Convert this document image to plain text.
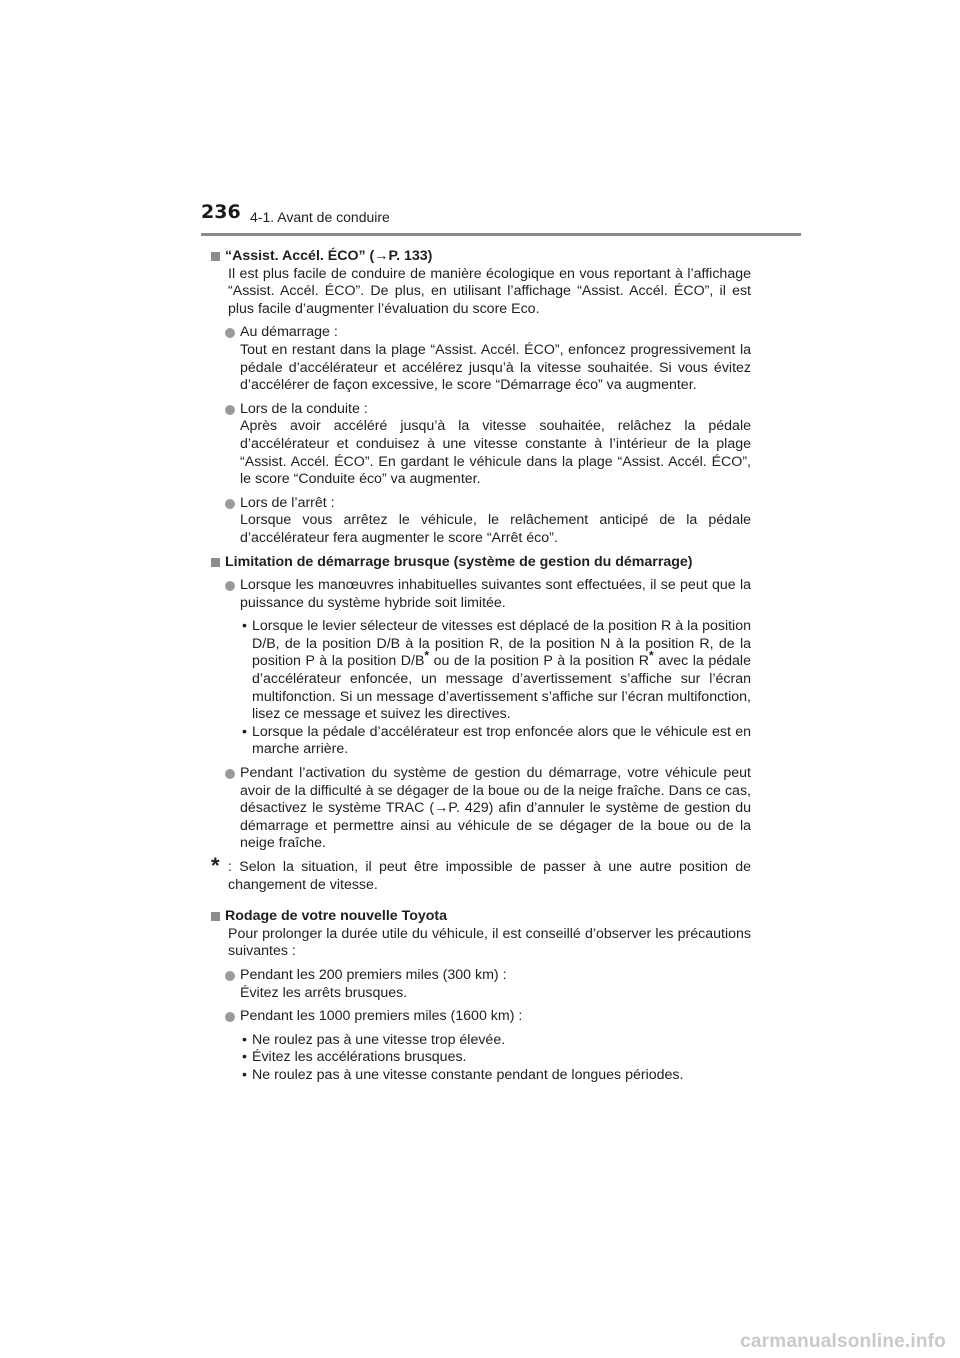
236 4-1. Avant de conduire
“Assist. Accél. ÉCO” (→P. 133)
Il est plus facile de conduire de manière écologique en vous reportant à l’affichage “Assist. Accél. ÉCO”. De plus, en utilisant l’affichage “Assist. Accél. ÉCO”, il est plus facile d’augmenter l’évaluation du score Eco.
Au démarrage :
Tout en restant dans la plage “Assist. Accél. ÉCO”, enfoncez progressivement la pédale d’accélérateur et accélérez jusqu’à la vitesse souhaitée. Si vous évitez d’accélérer de façon excessive, le score “Démarrage éco” va augmenter.
Lors de la conduite :
Après avoir accéléré jusqu’à la vitesse souhaitée, relâchez la pédale d’accélérateur et conduisez à une vitesse constante à l’intérieur de la plage “Assist. Accél. ÉCO”. En gardant le véhicule dans la plage “Assist. Accél. ÉCO”, le score “Conduite éco” va augmenter.
Lors de l’arrêt :
Lorsque vous arrêtez le véhicule, le relâchement anticipé de la pédale d’accélérateur fera augmenter le score “Arrêt éco”.
Limitation de démarrage brusque (système de gestion du démarrage)
Lorsque les manœuvres inhabituelles suivantes sont effectuées, il se peut que la puissance du système hybride soit limitée.
• Lorsque le levier sélecteur de vitesses est déplacé de la position R à la position D/B, de la position D/B à la position R, de la position N à la position R, de la position P à la position D/B* ou de la position P à la position R* avec la pédale d’accélérateur enfoncée, un message d’avertissement s’affiche sur l’écran multifonction. Si un message d’avertissement s’affiche sur l’écran multifonction, lisez ce message et suivez les directives.
• Lorsque la pédale d’accélérateur est trop enfoncée alors que le véhicule est en marche arrière.
Pendant l’activation du système de gestion du démarrage, votre véhicule peut avoir de la difficulté à se dégager de la boue ou de la neige fraîche. Dans ce cas, désactivez le système TRAC (→P. 429) afin d’annuler le système de gestion du démarrage et permettre ainsi au véhicule de se dégager de la boue ou de la neige fraîche.
* : Selon la situation, il peut être impossible de passer à une autre position de changement de vitesse.
Rodage de votre nouvelle Toyota
Pour prolonger la durée utile du véhicule, il est conseillé d’observer les précautions suivantes :
Pendant les 200 premiers miles (300 km) :
Évitez les arrêts brusques.
Pendant les 1000 premiers miles (1600 km) :
• Ne roulez pas à une vitesse trop élevée.
• Évitez les accélérations brusques.
• Ne roulez pas à une vitesse constante pendant de longues périodes.
carmanualsonline.info
